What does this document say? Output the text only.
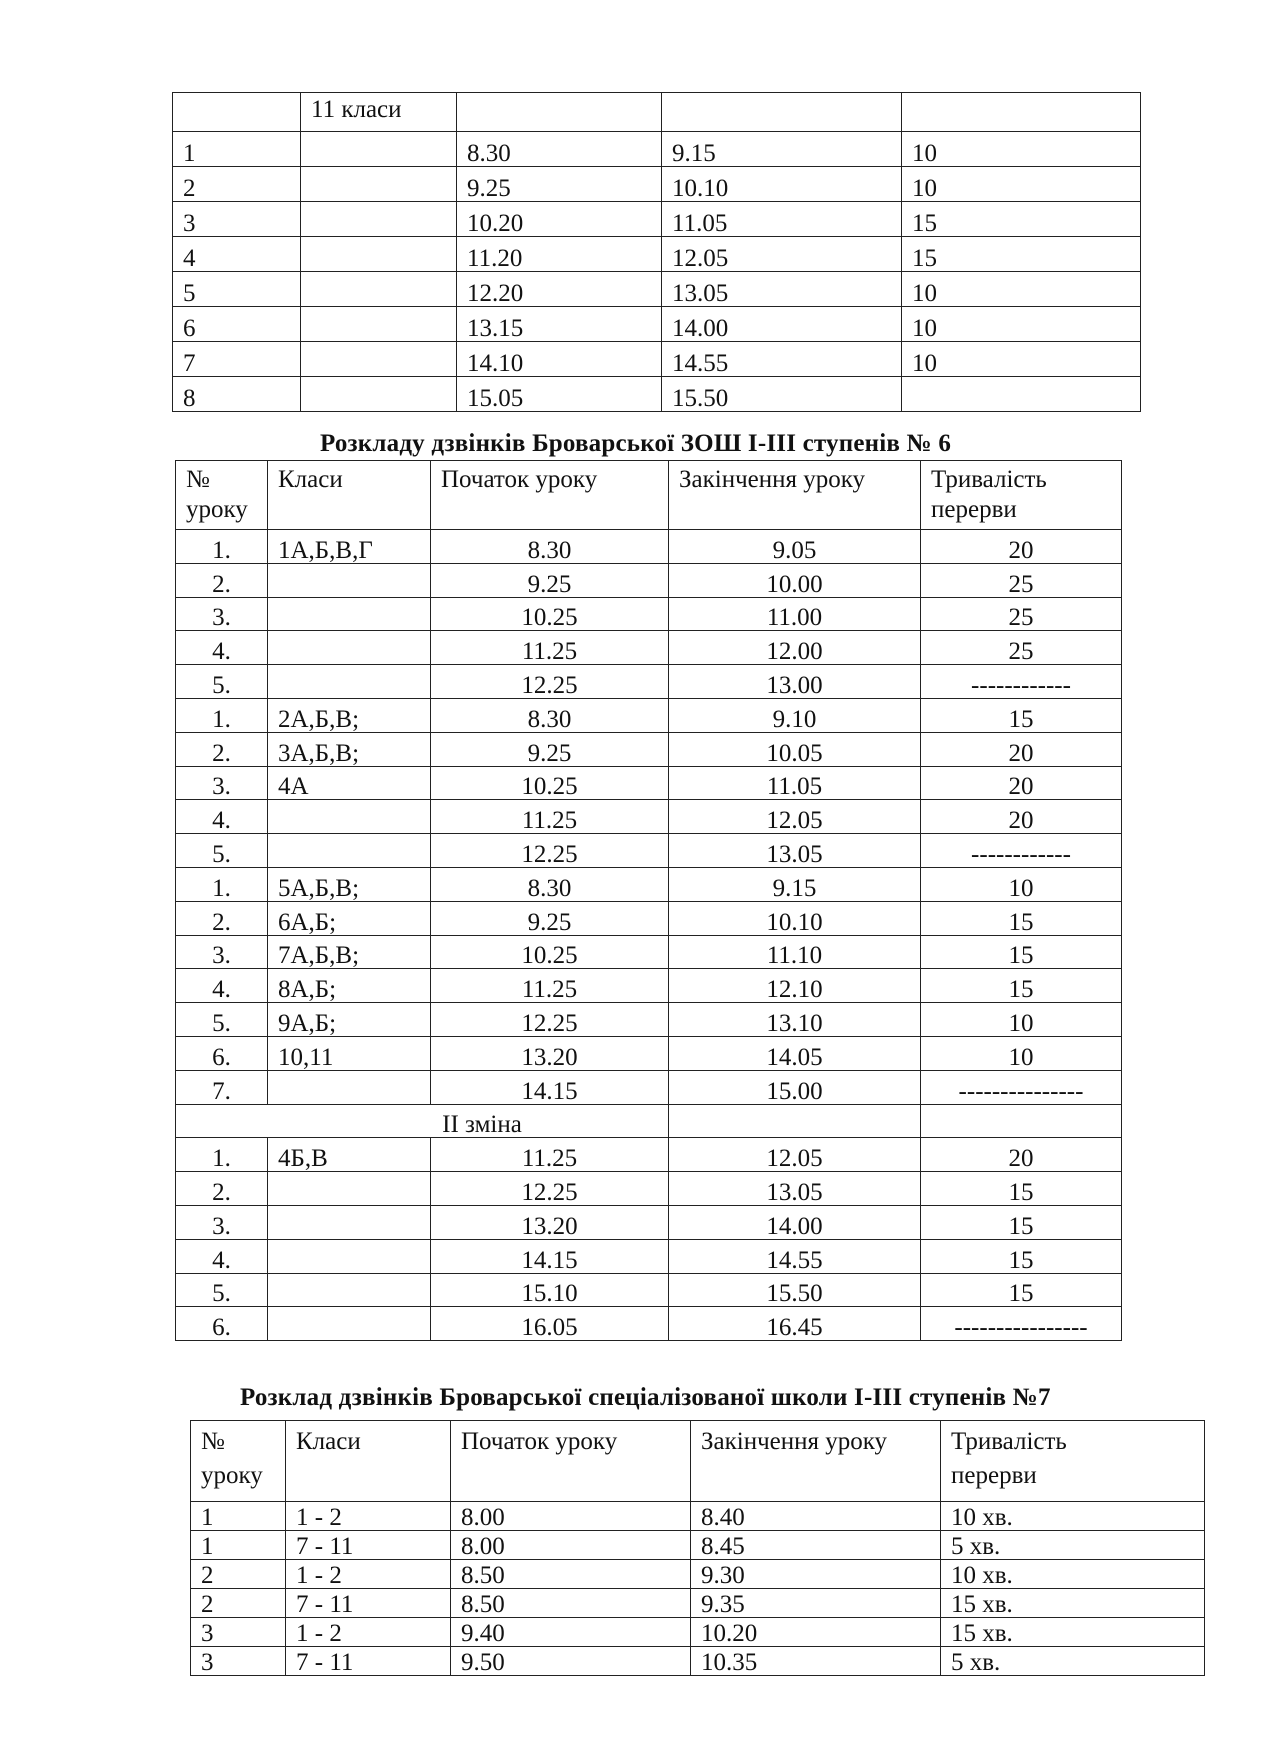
	11 класи			
1		8.30	9.15	10
2		9.25	10.10	10
3		10.20	11.05	15
4		11.20	12.05	15
5		12.20	13.05	10
6		13.15	14.00	10
7		14.10	14.55	10
8		15.05	15.50	
Розкладу дзвінків Броварської ЗОШ І-ІІІ ступенів № 6
№ уроку	Класи	Початок уроку	Закінчення уроку	Тривалість перерви
1.	1А,Б,В,Г	8.30	9.05	20
2.		9.25	10.00	25
3.		10.25	11.00	25
4.		11.25	12.00	25
5.		12.25	13.00	------------
1.	2А,Б,В;	8.30	9.10	15
2.	3А,Б,В;	9.25	10.05	20
3.	4А	10.25	11.05	20
4.		11.25	12.05	20
5.		12.25	13.05	------------
1.	5А,Б,В;	8.30	9.15	10
2.	6А,Б;	9.25	10.10	15
3.	7А,Б,В;	10.25	11.10	15
4.	8А,Б;	11.25	12.10	15
5.	9А,Б;	12.25	13.10	10
6.	10,11	13.20	14.05	10
7.		14.15	15.00	---------------
ІІ зміна				
1.	4Б,В	11.25	12.05	20
2.		12.25	13.05	15
3.		13.20	14.00	15
4.		14.15	14.55	15
5.		15.10	15.50	15
6.		16.05	16.45	----------------
Розклад дзвінків Броварської спеціалізованої школи І-ІІІ ступенів №7
№ уроку	Класи	Початок уроку	Закінчення уроку	Тривалість перерви
1	1 - 2	8.00	8.40	10 хв.
1	7 - 11	8.00	8.45	5 хв.
2	1 - 2	8.50	9.30	10 хв.
2	7 - 11	8.50	9.35	15 хв.
3	1 - 2	9.40	10.20	15 хв.
3	7 - 11	9.50	10.35	5 хв.
